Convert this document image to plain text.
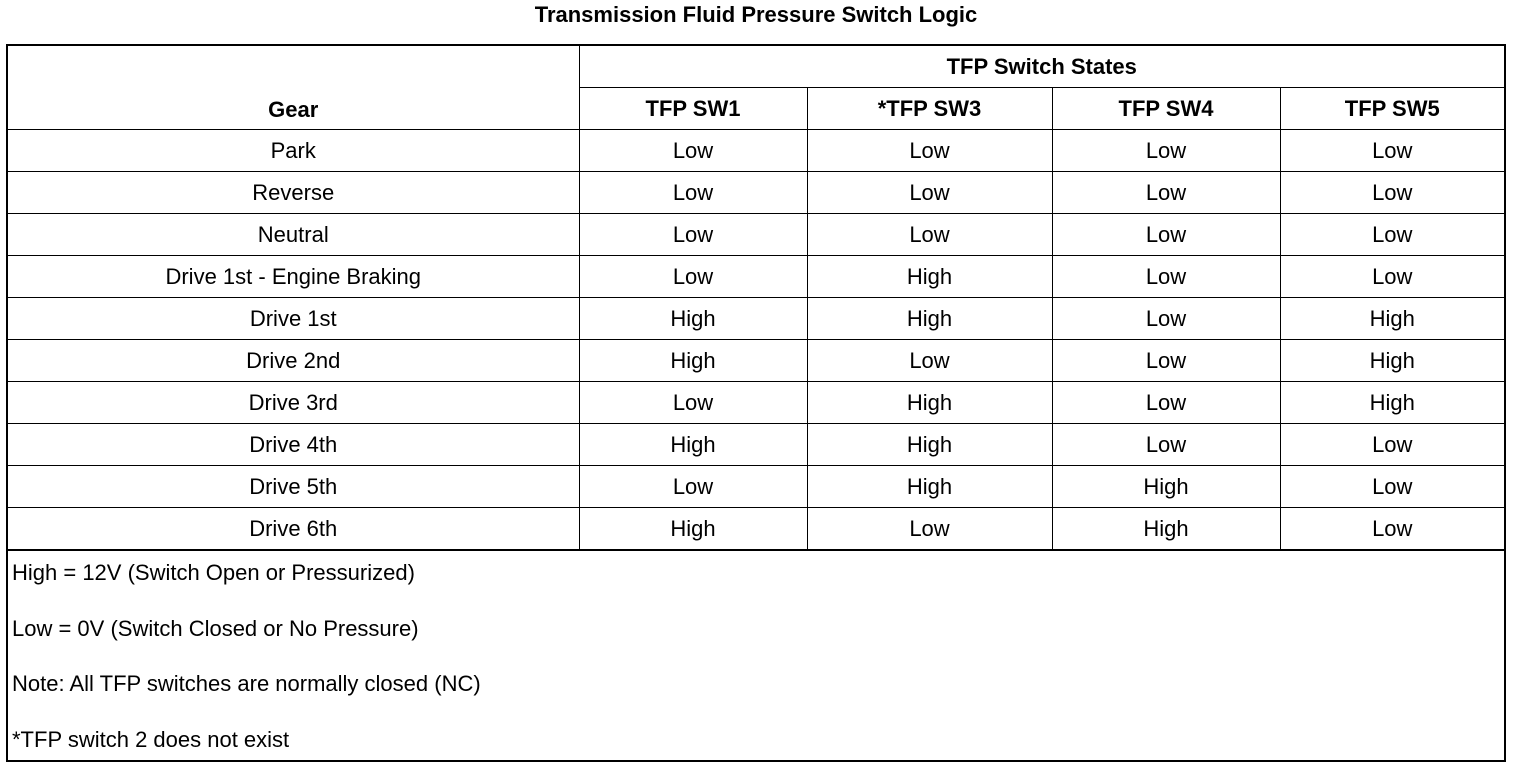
Transmission Fluid Pressure Switch Logic
Gear	TFP Switch States			
	TFP SW1	*TFP SW3	TFP SW4	TFP SW5
Park	Low	Low	Low	Low
Reverse	Low	Low	Low	Low
Neutral	Low	Low	Low	Low
Drive 1st - Engine Braking	Low	High	Low	Low
Drive 1st	High	High	Low	High
Drive 2nd	High	Low	Low	High
Drive 3rd	Low	High	Low	High
Drive 4th	High	High	Low	Low
Drive 5th	Low	High	High	Low
Drive 6th	High	Low	High	Low
High = 12V (Switch Open or Pressurized)
Low = 0V (Switch Closed or No Pressure)
Note: All TFP switches are normally closed (NC)
*TFP switch 2 does not exist
